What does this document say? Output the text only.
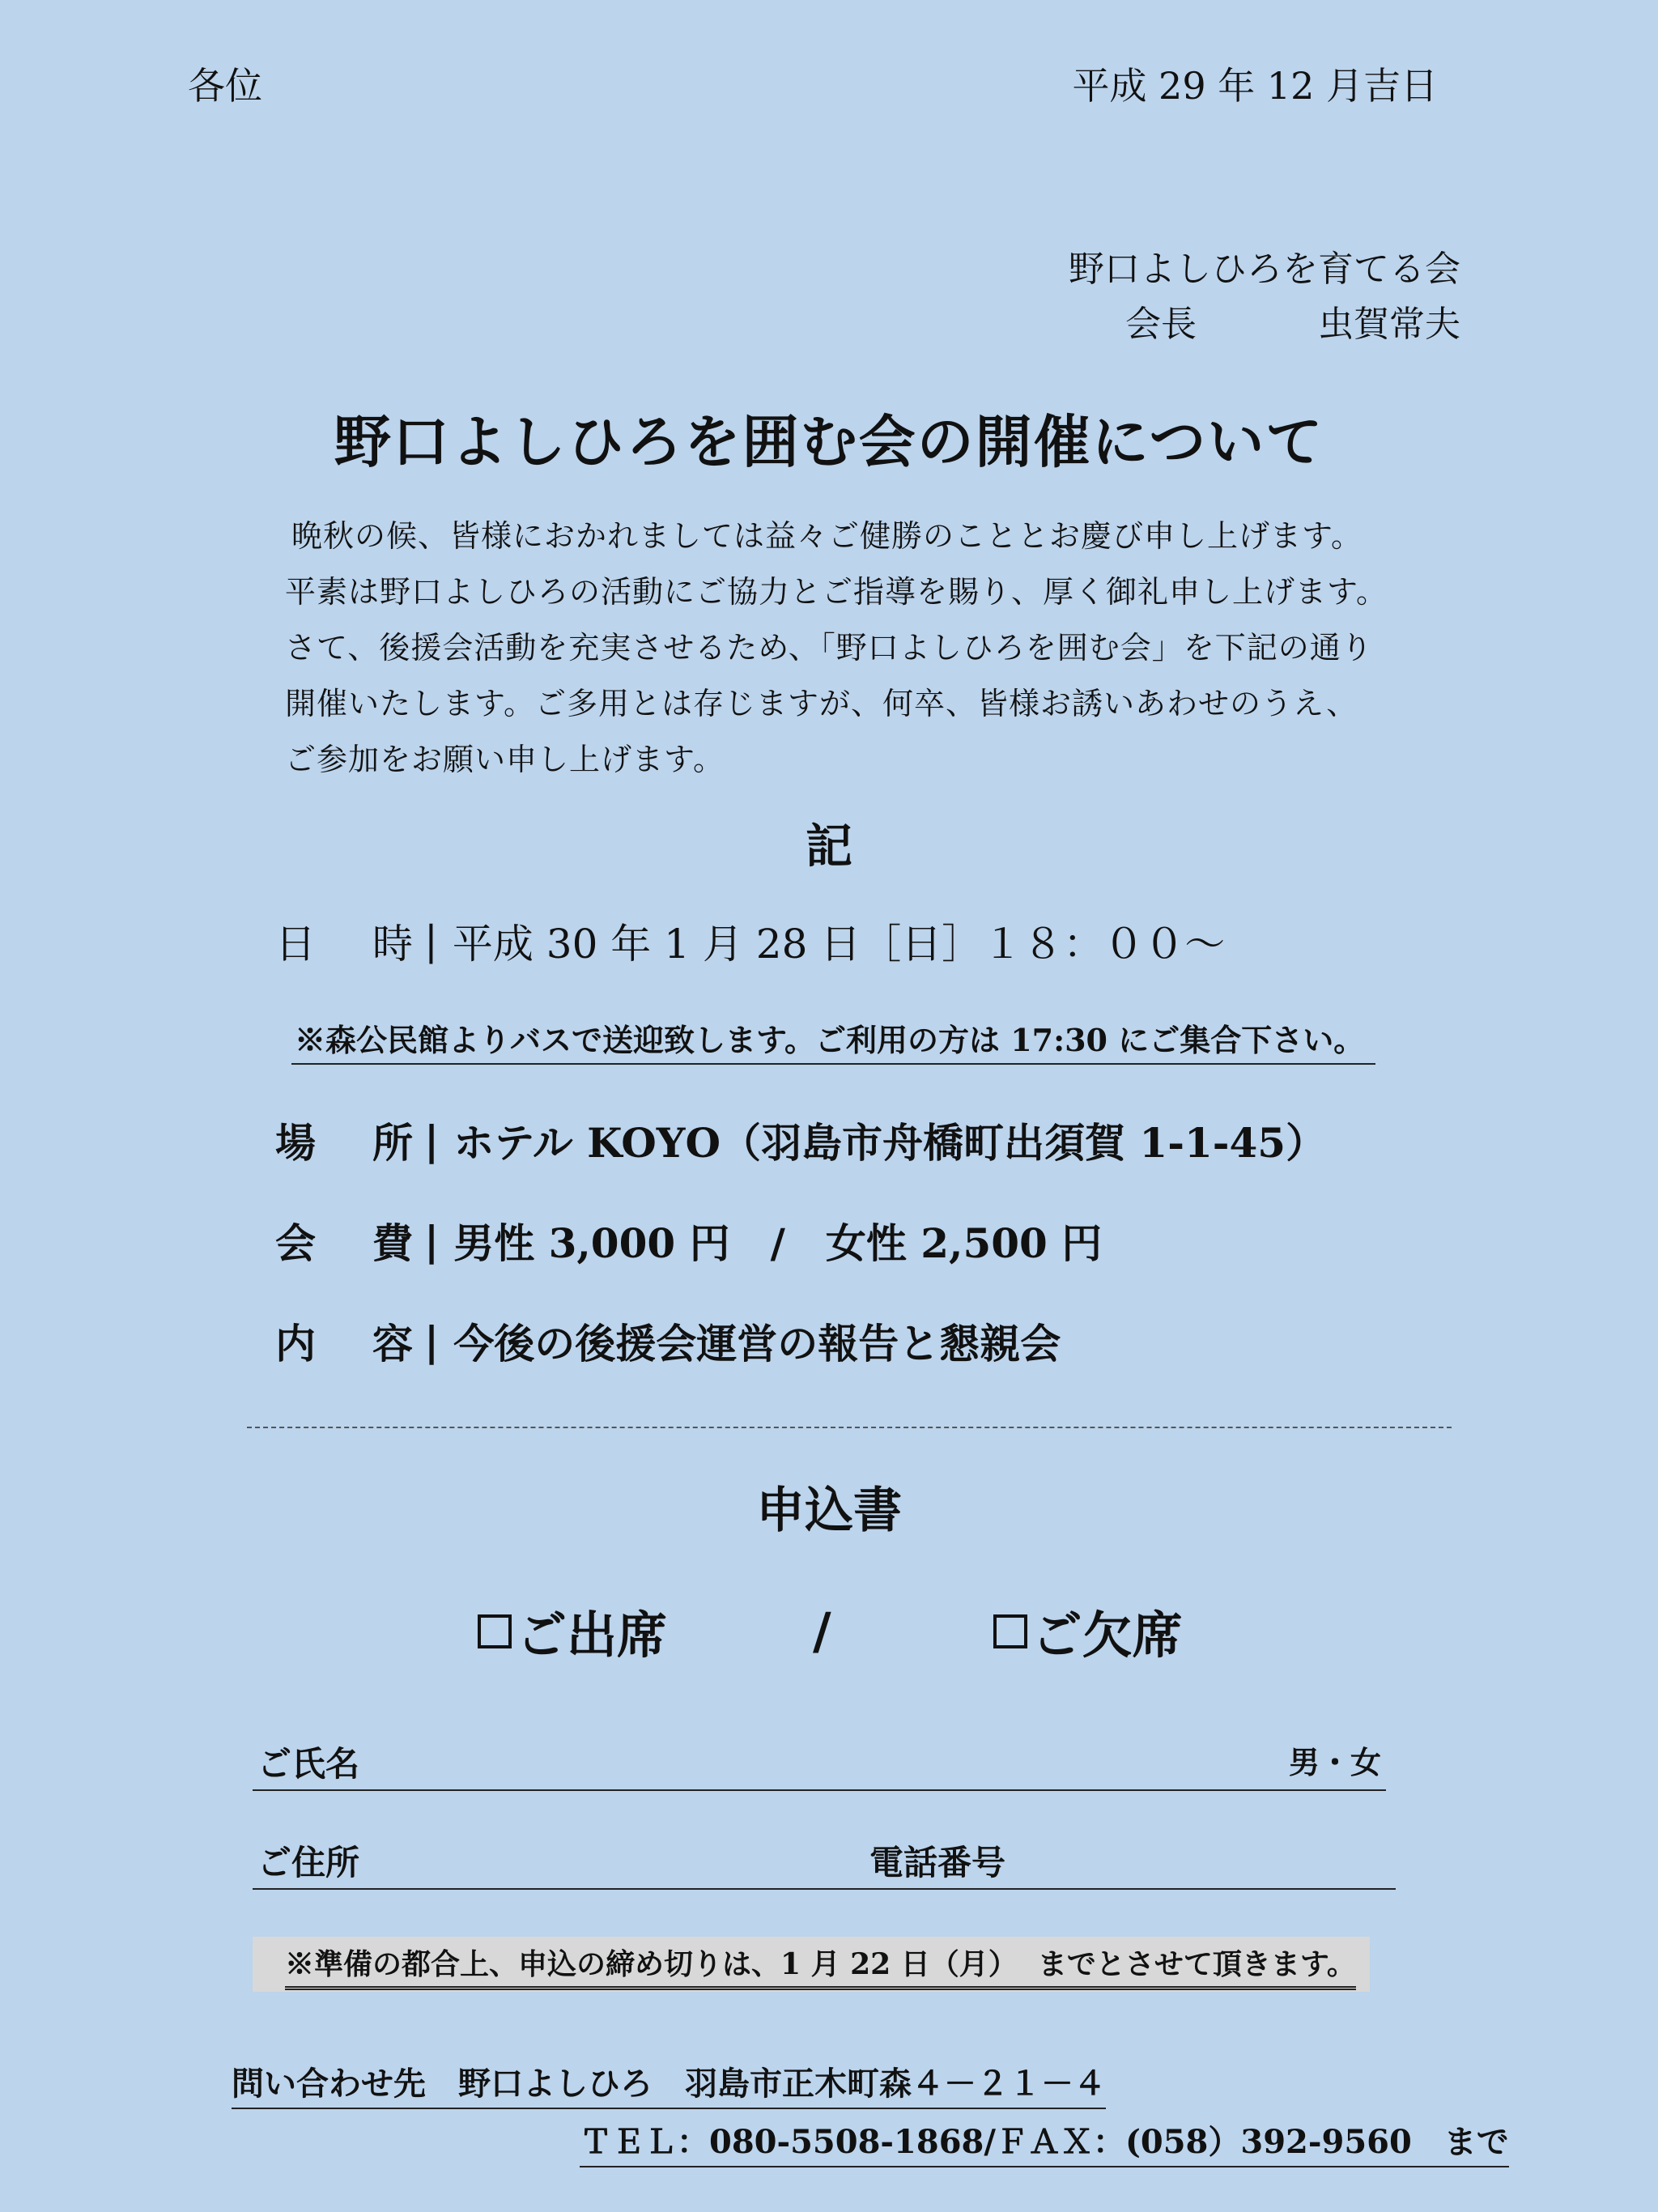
各位	平成 29 年 12 月吉日
野口よしひろを育てる会
会長	虫賀常夫
野口よしひろを囲む会の開催について
晩秋の候、皆様におかれましては益々ご健勝のこととお慶び申し上げます。
平素は野口よしひろの活動にご協力とご指導を賜り、厚く御礼申し上げます。
さて、後援会活動を充実させるため、「野口よしひろを囲む会」を下記の通り
開催いたします。ご多用とは存じますが、何卒、皆様お誘いあわせのうえ、
ご参加をお願い申し上げます。
記
日 時 | 平成 30 年 1 月 28 日［日］１８：００～
※森公民館よりバスで送迎致します。ご利用の方は 17:30 にご集合下さい。
場 所 | ホテル KOYO（羽島市舟橋町出須賀 1-1-45）
会 費 | 男性 3,000 円　/　女性 2,500 円
内 容 | 今後の後援会運営の報告と懇親会
申込書
ご出席	/	ご欠席
ご氏名	男・女
ご住所	電話番号
※準備の都合上、申込の締め切りは、1 月 22 日（月）  までとさせて頂きます。
問い合わせ先　野口よしひろ　羽島市正木町森４－２１－４
ＴＥＬ：080-5508-1868/ＦＡＸ：(058）392-9560　まで
